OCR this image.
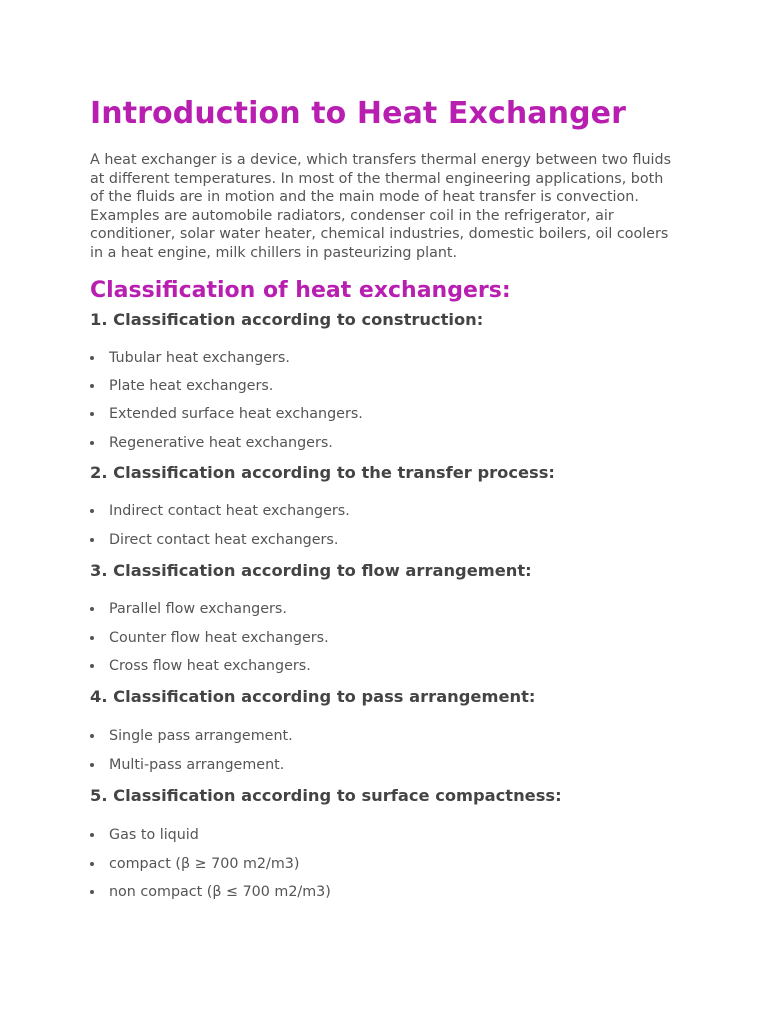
Introduction to Heat Exchanger

A heat exchanger is a device, which transfers thermal energy between two fluids at different temperatures. In most of the thermal engineering applications, both of the fluids are in motion and the main mode of heat transfer is convection. Examples are automobile radiators, condenser coil in the refrigerator, air conditioner, solar water heater, chemical industries, domestic boilers, oil coolers in a heat engine, milk chillers in pasteurizing plant.

Classification of heat exchangers:
1. Classification according to construction:
Tubular heat exchangers.
Plate heat exchangers.
Extended surface heat exchangers.
Regenerative heat exchangers.
2. Classification according to the transfer process:
Indirect contact heat exchangers.
Direct contact heat exchangers.
3. Classification according to flow arrangement:
Parallel flow exchangers.
Counter flow heat exchangers.
Cross flow heat exchangers.
4. Classification according to pass arrangement:
Single pass arrangement.
Multi-pass arrangement.
5. Classification according to surface compactness:
Gas to liquid
compact (β ≥ 700 m2/m3)
non compact (β ≤ 700 m2/m3)
